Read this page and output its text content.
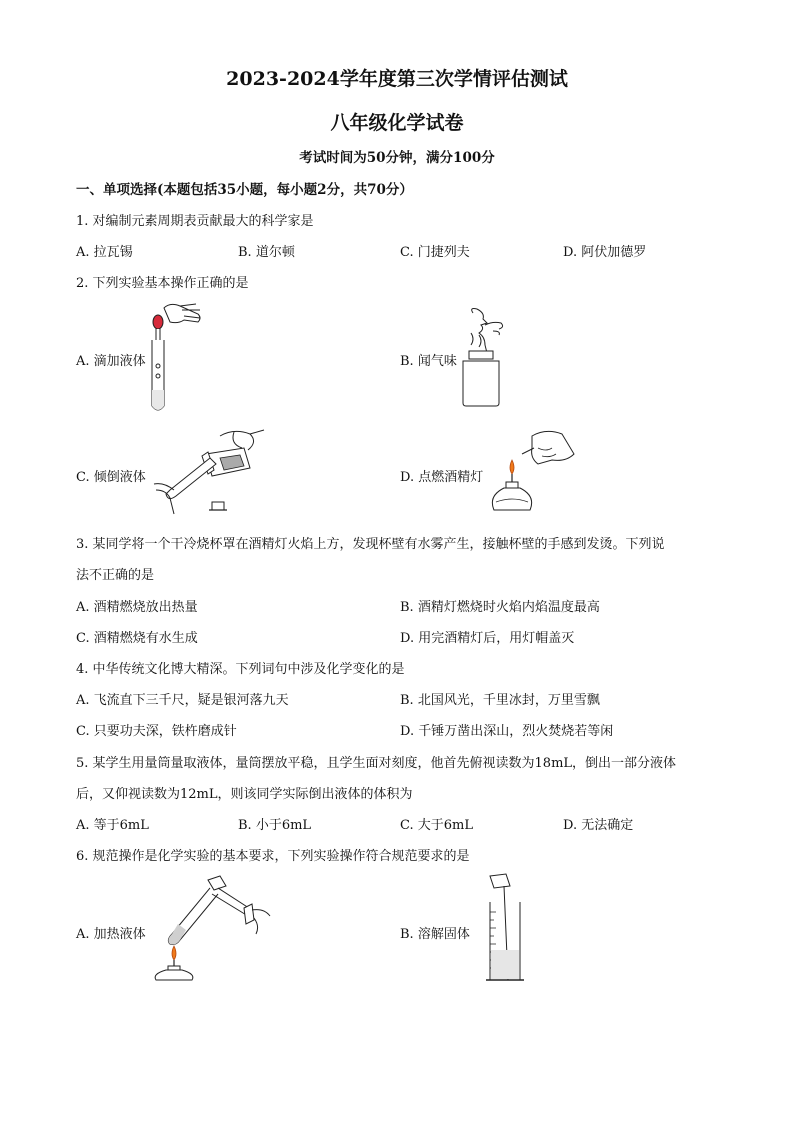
2023-2024学年度第三次学情评估测试
八年级化学试卷
考试时间为50分钟，满分100分
一、单项选择(本题包括35小题，每小题2分，共70分）
1. 对编制元素周期表贡献最大的科学家是
A. 拉瓦锡	B. 道尔顿	C. 门捷列夫	D. 阿伏加德罗
2. 下列实验基本操作正确的是
A. 滴加液体	B. 闻气味
C. 倾倒液体	D. 点燃酒精灯
3. 某同学将一个干冷烧杯罩在酒精灯火焰上方，发现杯壁有水雾产生，接触杯壁的手感到发烫。下列说
法不正确的是
A. 酒精燃烧放出热量	B. 酒精灯燃烧时火焰内焰温度最高
C. 酒精燃烧有水生成	D. 用完酒精灯后，用灯帽盖灭
4. 中华传统文化博大精深。下列词句中涉及化学变化的是
A. 飞流直下三千尺，疑是银河落九天	B. 北国风光，千里冰封，万里雪飘
C. 只要功夫深，铁杵磨成针	D. 千锤万凿出深山，烈火焚烧若等闲
5. 某学生用量筒量取液体，量筒摆放平稳，且学生面对刻度，他首先俯视读数为18mL，倒出一部分液体
后，又仰视读数为12mL，则该同学实际倒出液体的体积为
A. 等于6mL	B. 小于6mL	C. 大于6mL	D. 无法确定
6. 规范操作是化学实验的基本要求，下列实验操作符合规范要求的是
A. 加热液体	B. 溶解固体
